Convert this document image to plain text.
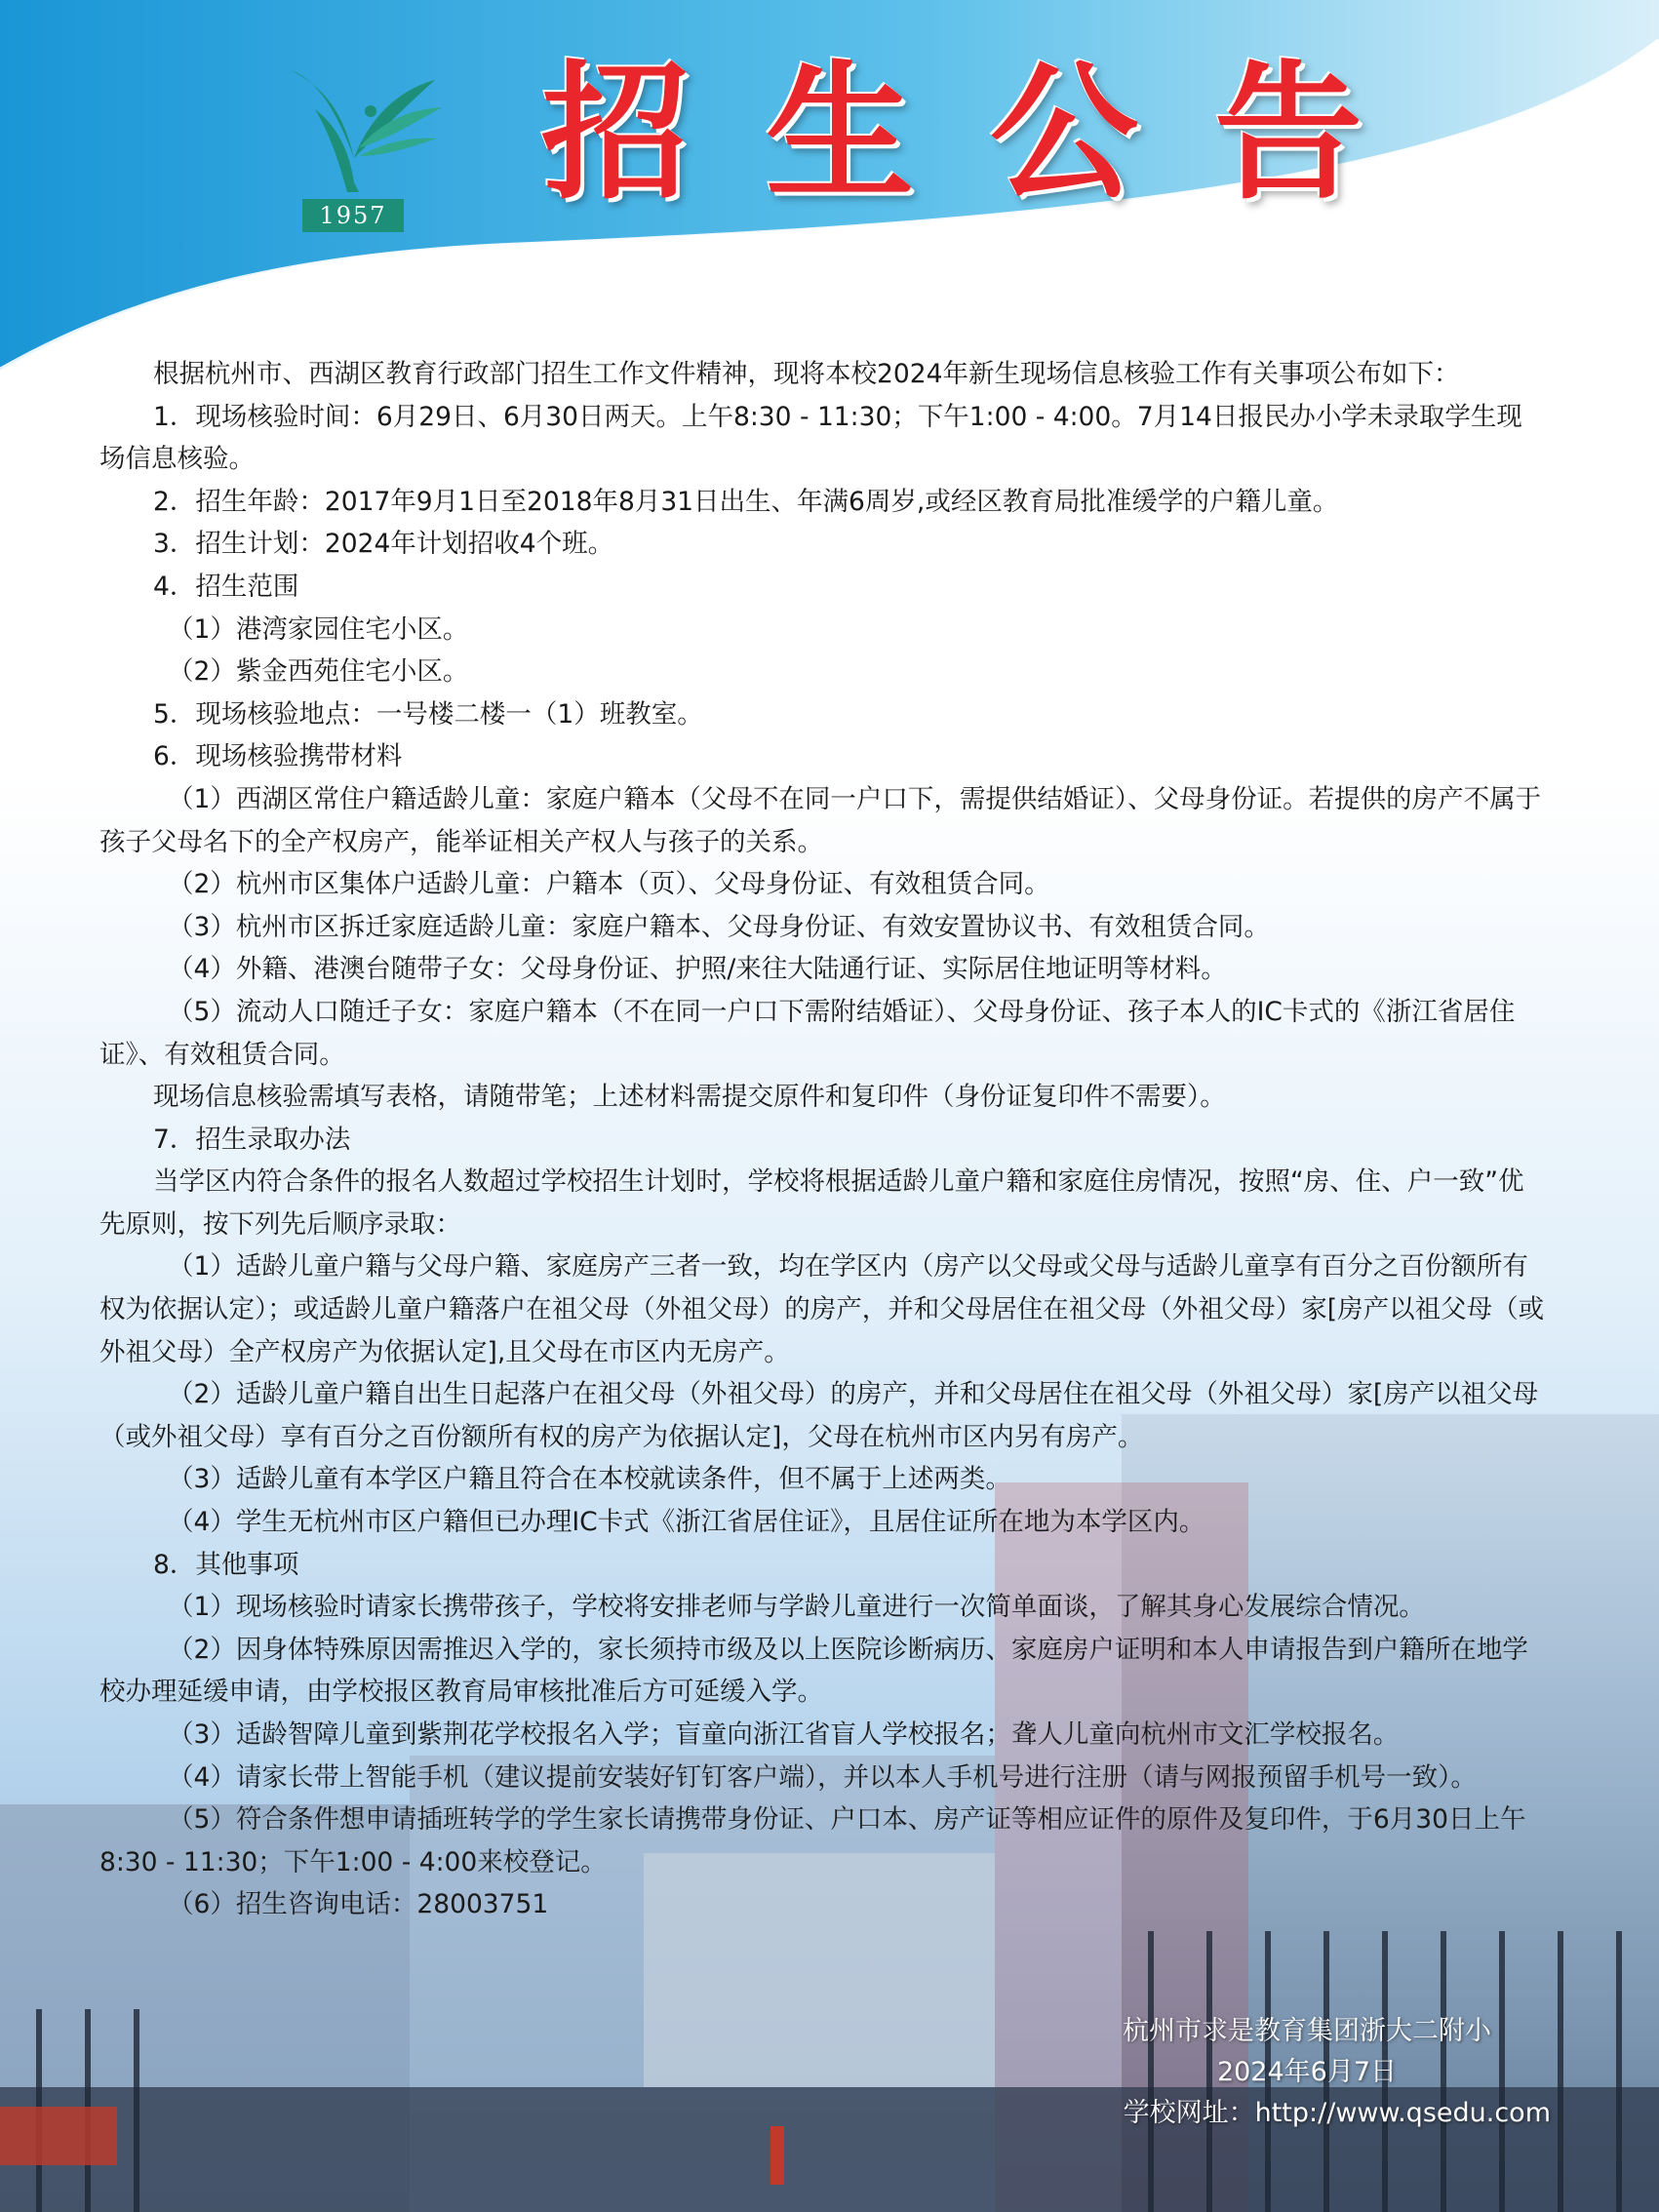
1957 招生公告

根据杭州市、西湖区教育行政部门招生工作文件精神，现将本校2024年新生现场信息核验工作有关事项公布如下：

1．现场核验时间：6月29日、6月30日两天。上午8:30 - 11:30；下午1:00 - 4:00。7月14日报民办小学未录取学生现场信息核验。

2．招生年龄：2017年9月1日至2018年8月31日出生、年满6周岁,或经区教育局批准缓学的户籍儿童。

3．招生计划：2024年计划招收4个班。

4．招生范围

（1）港湾家园住宅小区。

（2）紫金西苑住宅小区。

5．现场核验地点：一号楼二楼一（1）班教室。

6．现场核验携带材料

（1）西湖区常住户籍适龄儿童：家庭户籍本（父母不在同一户口下，需提供结婚证）、父母身份证。若提供的房产不属于孩子父母名下的全产权房产，能举证相关产权人与孩子的关系。

（2）杭州市区集体户适龄儿童：户籍本（页）、父母身份证、有效租赁合同。

（3）杭州市区拆迁家庭适龄儿童：家庭户籍本、父母身份证、有效安置协议书、有效租赁合同。

（4）外籍、港澳台随带子女：父母身份证、护照/来往大陆通行证、实际居住地证明等材料。

（5）流动人口随迁子女：家庭户籍本（不在同一户口下需附结婚证）、父母身份证、孩子本人的IC卡式的《浙江省居住证》、有效租赁合同。

现场信息核验需填写表格，请随带笔；上述材料需提交原件和复印件（身份证复印件不需要）。

7．招生录取办法

当学区内符合条件的报名人数超过学校招生计划时，学校将根据适龄儿童户籍和家庭住房情况，按照“房、住、户一致”优先原则，按下列先后顺序录取：

（1）适龄儿童户籍与父母户籍、家庭房产三者一致，均在学区内（房产以父母或父母与适龄儿童享有百分之百份额所有权为依据认定）；或适龄儿童户籍落户在祖父母（外祖父母）的房产，并和父母居住在祖父母（外祖父母）家[房产以祖父母（或外祖父母）全产权房产为依据认定],且父母在市区内无房产。

（2）适龄儿童户籍自出生日起落户在祖父母（外祖父母）的房产，并和父母居住在祖父母（外祖父母）家[房产以祖父母（或外祖父母）享有百分之百份额所有权的房产为依据认定]，父母在杭州市区内另有房产。

（3）适龄儿童有本学区户籍且符合在本校就读条件，但不属于上述两类。

（4）学生无杭州市区户籍但已办理IC卡式《浙江省居住证》，且居住证所在地为本学区内。

8．其他事项

（1）现场核验时请家长携带孩子，学校将安排老师与学龄儿童进行一次简单面谈，了解其身心发展综合情况。

（2）因身体特殊原因需推迟入学的，家长须持市级及以上医院诊断病历、家庭房户证明和本人申请报告到户籍所在地学校办理延缓申请，由学校报区教育局审核批准后方可延缓入学。

（3）适龄智障儿童到紫荆花学校报名入学；盲童向浙江省盲人学校报名；聋人儿童向杭州市文汇学校报名。

（4）请家长带上智能手机（建议提前安装好钉钉客户端），并以本人手机号进行注册（请与网报预留手机号一致）。

（5）符合条件想申请插班转学的学生家长请携带身份证、户口本、房产证等相应证件的原件及复印件，于6月30日上午8:30 - 11:30；下午1:00 - 4:00来校登记。

（6）招生咨询电话：28003751

杭州市求是教育集团浙大二附小
2024年6月7日
学校网址：http://www.qsedu.com
